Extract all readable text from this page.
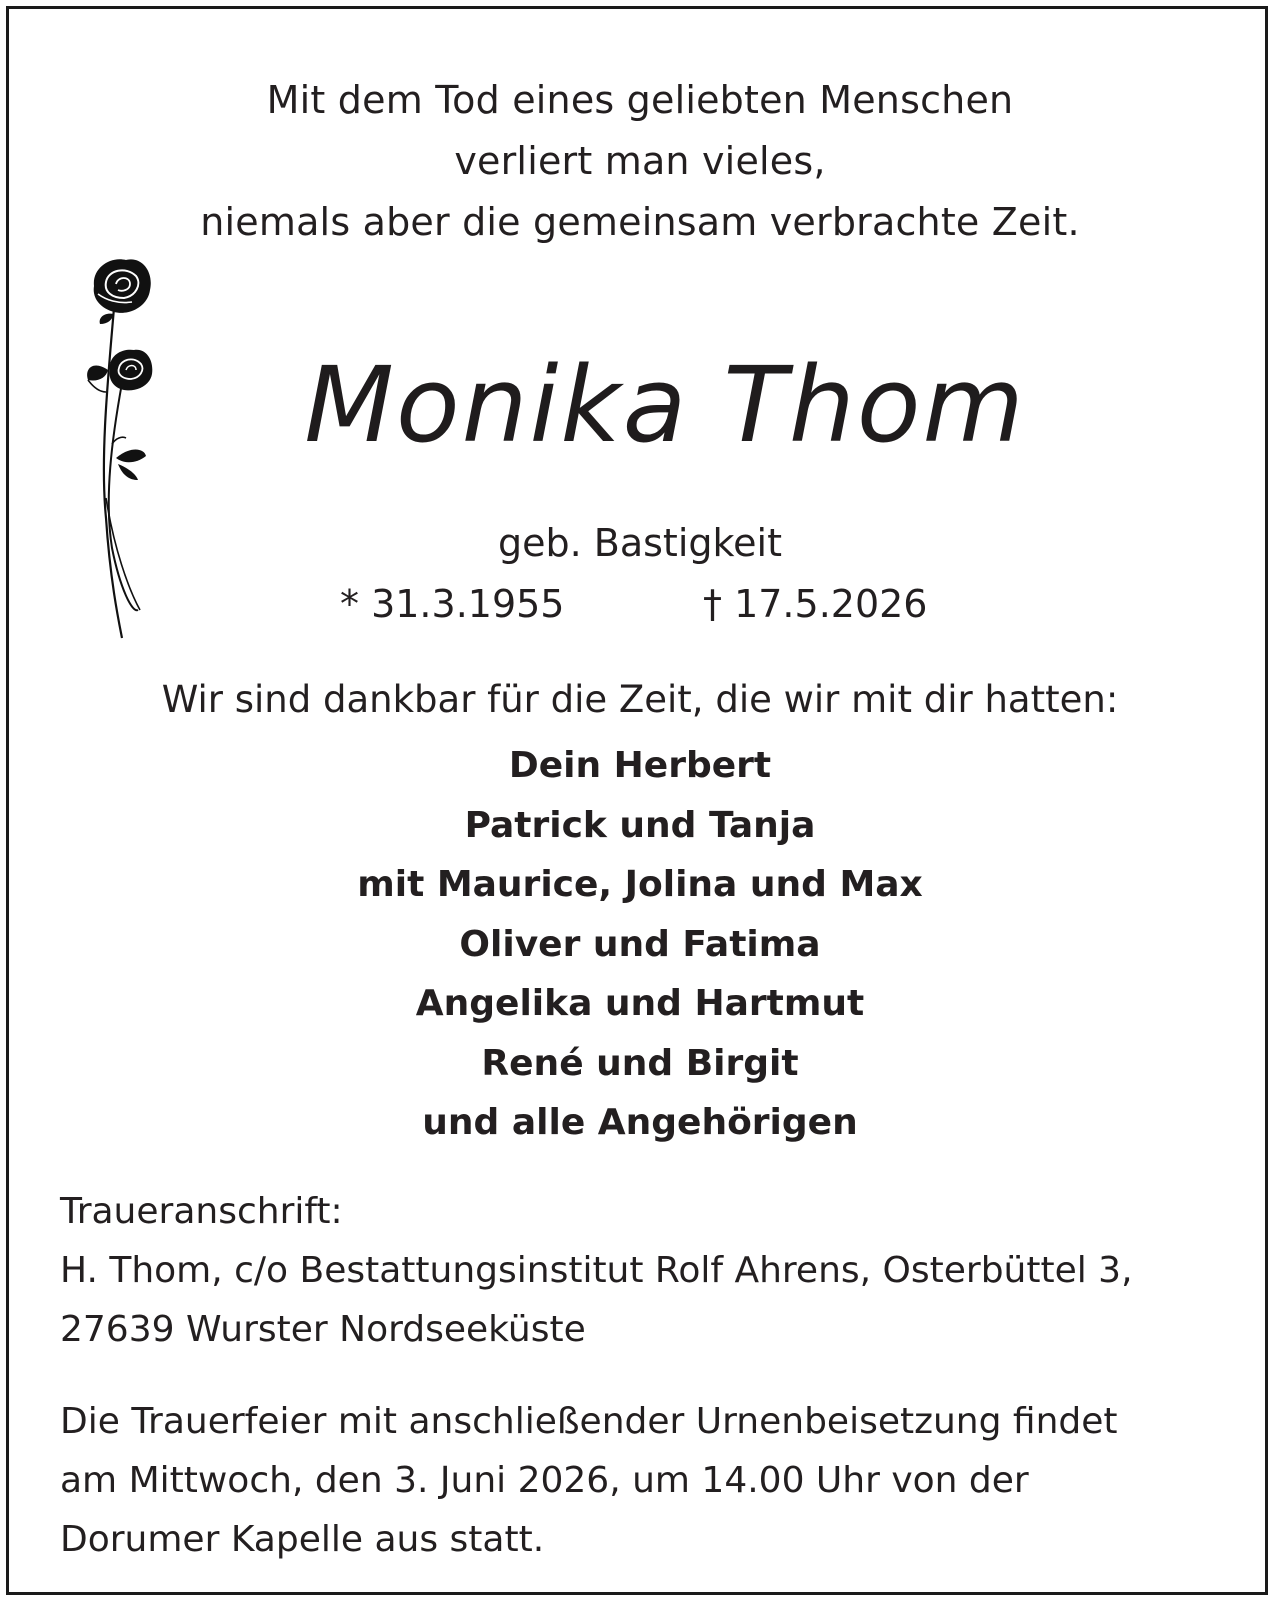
Mit dem Tod eines geliebten Menschen
verliert man vieles,
niemals aber die gemeinsam verbrachte Zeit.
Monika Thom
geb. Bastigkeit
* 31.3.1955	† 17.5.2026
Wir sind dankbar für die Zeit, die wir mit dir hatten:
Dein Herbert
Patrick und Tanja
mit Maurice, Jolina und Max
Oliver und Fatima
Angelika und Hartmut
René und Birgit
und alle Angehörigen
Traueranschrift:
H. Thom, c/o Bestattungsinstitut Rolf Ahrens, Osterbüttel 3,
27639 Wurster Nordseeküste
Die Trauerfeier mit anschließender Urnenbeisetzung findet
am Mittwoch, den 3. Juni 2026, um 14.00 Uhr von der
Dorumer Kapelle aus statt.
